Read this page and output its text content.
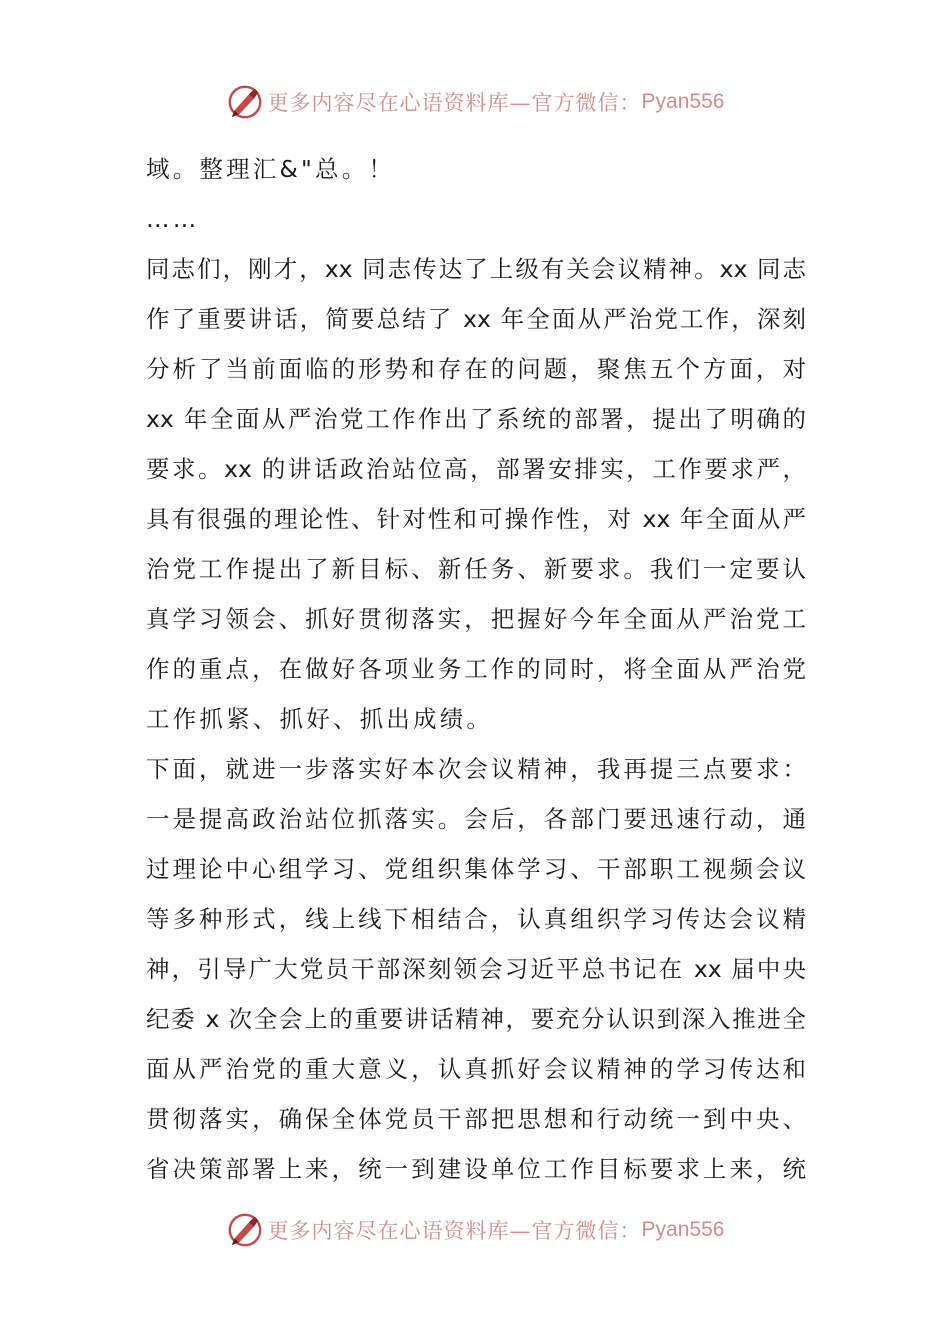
更多内容尽在心语资料库—官方微信： Pyan556
域。整理汇&"总。！
……
同志们，刚才，xx 同志传达了上级有关会议精神。xx 同志
作了重要讲话，简要总结了 xx 年全面从严治党工作，深刻
分析了当前面临的形势和存在的问题，聚焦五个方面，对
xx 年全面从严治党工作作出了系统的部署，提出了明确的
要求。xx 的讲话政治站位高，部署安排实，工作要求严，
具有很强的理论性、针对性和可操作性，对 xx 年全面从严
治党工作提出了新目标、新任务、新要求。我们一定要认
真学习领会、抓好贯彻落实，把握好今年全面从严治党工
作的重点，在做好各项业务工作的同时，将全面从严治党
工作抓紧、抓好、抓出成绩。
下面，就进一步落实好本次会议精神，我再提三点要求：
一是提高政治站位抓落实。会后，各部门要迅速行动，通
过理论中心组学习、党组织集体学习、干部职工视频会议
等多种形式，线上线下相结合，认真组织学习传达会议精
神，引导广大党员干部深刻领会习近平总书记在 xx 届中央
纪委 x 次全会上的重要讲话精神，要充分认识到深入推进全
面从严治党的重大意义，认真抓好会议精神的学习传达和
贯彻落实，确保全体党员干部把思想和行动统一到中央、
省决策部署上来，统一到建设单位工作目标要求上来，统
更多内容尽在心语资料库—官方微信： Pyan556
